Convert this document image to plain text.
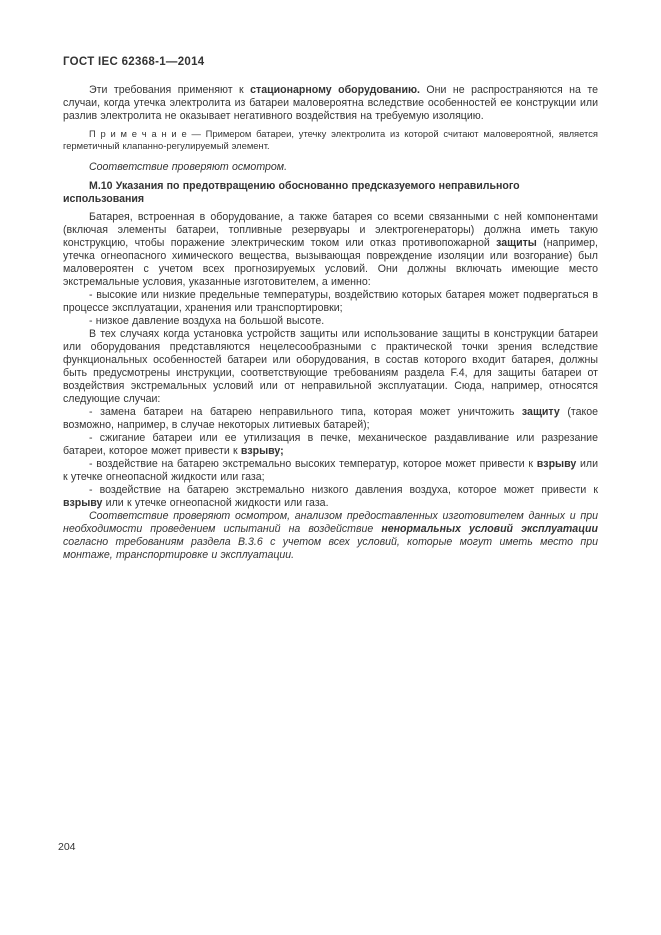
ГОСТ IEC 62368-1—2014

Эти требования применяют к стационарному оборудованию. Они не распространяются на те случаи, когда утечка электролита из батареи маловероятна вследствие особенностей ее конструкции или разлив электролита не оказывает негативного воздействия на требуемую изоляцию.

П р и м е ч а н и е — Примером батареи, утечку электролита из которой считают маловероятной, является герметичный клапанно-регулируемый элемент.

Соответствие проверяют осмотром.

М.10 Указания по предотвращению обоснованно предсказуемого неправильного использования

Батарея, встроенная в оборудование, а также батарея со всеми связанными с ней компонентами (включая элементы батареи, топливные резервуары и электрогенераторы) должна иметь такую конструкцию, чтобы поражение электрическим током или отказ противопожарной защиты (например, утечка огнеопасного химического вещества, вызывающая повреждение изоляции или возгорание) был маловероятен с учетом всех прогнозируемых условий. Они должны включать имеющие место экстремальные условия, указанные изготовителем, а именно:

- высокие или низкие предельные температуры, воздействию которых батарея может подвергаться в процессе эксплуатации, хранения или транспортировки;

- низкое давление воздуха на большой высоте.

В тех случаях когда установка устройств защиты или использование защиты в конструкции батареи или оборудования представляются нецелесообразными с практической точки зрения вследствие функциональных особенностей батареи или оборудования, в состав которого входит батарея, должны быть предусмотрены инструкции, соответствующие требованиям раздела F.4, для защиты батареи от воздействия экстремальных условий или от неправильной эксплуатации. Сюда, например, относятся следующие случаи:

- замена батареи на батарею неправильного типа, которая может уничтожить защиту (такое возможно, например, в случае некоторых литиевых батарей);

- сжигание батареи или ее утилизация в печке, механическое раздавливание или разрезание батареи, которое может привести к взрыву;

- воздействие на батарею экстремально высоких температур, которое может привести к взрыву или к утечке огнеопасной жидкости или газа;

- воздействие на батарею экстремально низкого давления воздуха, которое может привести к взрыву или к утечке огнеопасной жидкости или газа.

Соответствие проверяют осмотром, анализом предоставленных изготовителем данных и при необходимости проведением испытаний на воздействие ненормальных условий эксплуатации согласно требованиям раздела В.3.6 с учетом всех условий, которые могут иметь место при монтаже, транспортировке и эксплуатации.

204
